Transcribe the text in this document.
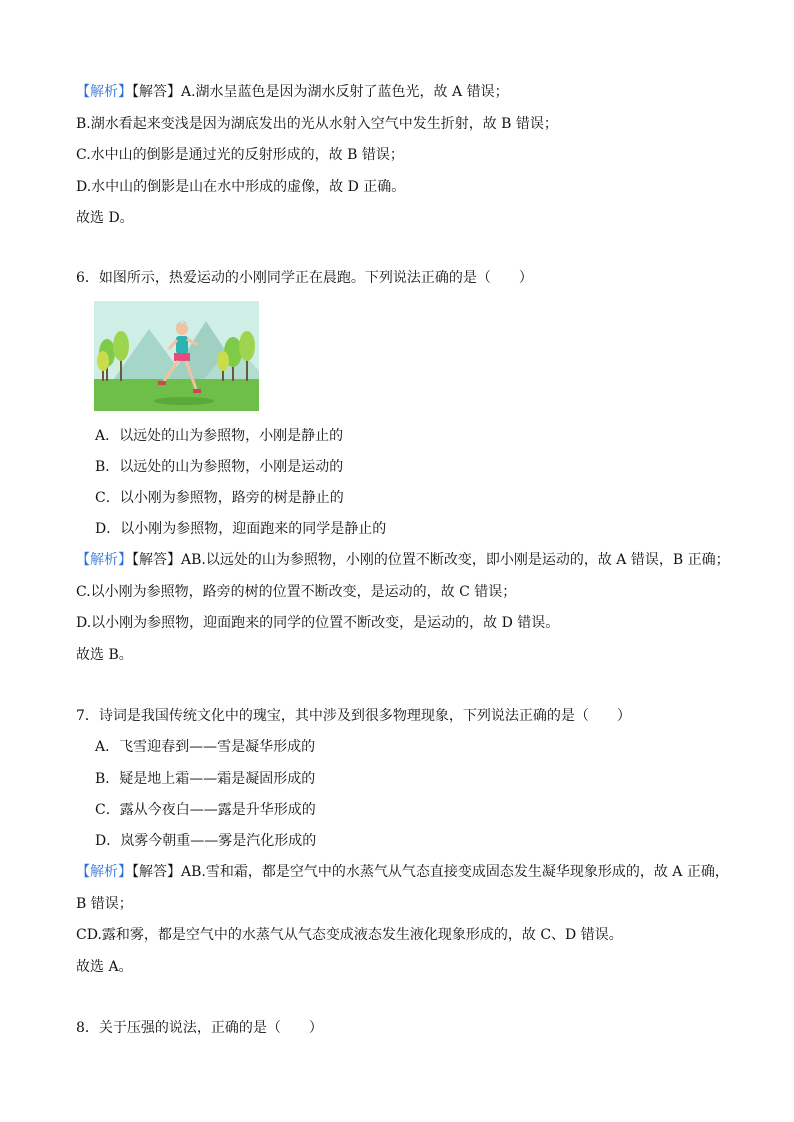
【解析】【解答】A.湖水呈蓝色是因为湖水反射了蓝色光，故 A 错误；
B.湖水看起来变浅是因为湖底发出的光从水射入空气中发生折射，故 B 错误；
C.水中山的倒影是通过光的反射形成的，故 B 错误；
D.水中山的倒影是山在水中形成的虚像，故 D 正确。
故选 D。
6．如图所示，热爱运动的小刚同学正在晨跑。下列说法正确的是（　　）
A．以远处的山为参照物，小刚是静止的
B．以远处的山为参照物，小刚是运动的
C．以小刚为参照物，路旁的树是静止的
D．以小刚为参照物，迎面跑来的同学是静止的
【解析】【解答】AB.以远处的山为参照物，小刚的位置不断改变，即小刚是运动的，故 A 错误，B 正确；
C.以小刚为参照物，路旁的树的位置不断改变，是运动的，故 C 错误；
D.以小刚为参照物，迎面跑来的同学的位置不断改变，是运动的，故 D 错误。
故选 B。
7．诗词是我国传统文化中的瑰宝，其中涉及到很多物理现象，下列说法正确的是（　　）
A．飞雪迎春到——雪是凝华形成的
B．疑是地上霜——霜是凝固形成的
C．露从今夜白——露是升华形成的
D．岚雾今朝重——雾是汽化形成的
【解析】【解答】AB.雪和霜，都是空气中的水蒸气从气态直接变成固态发生凝华现象形成的，故 A 正确，
B 错误；
CD.露和雾，都是空气中的水蒸气从气态变成液态发生液化现象形成的，故 C、D 错误。
故选 A。
8．关于压强的说法，正确的是（　　）
